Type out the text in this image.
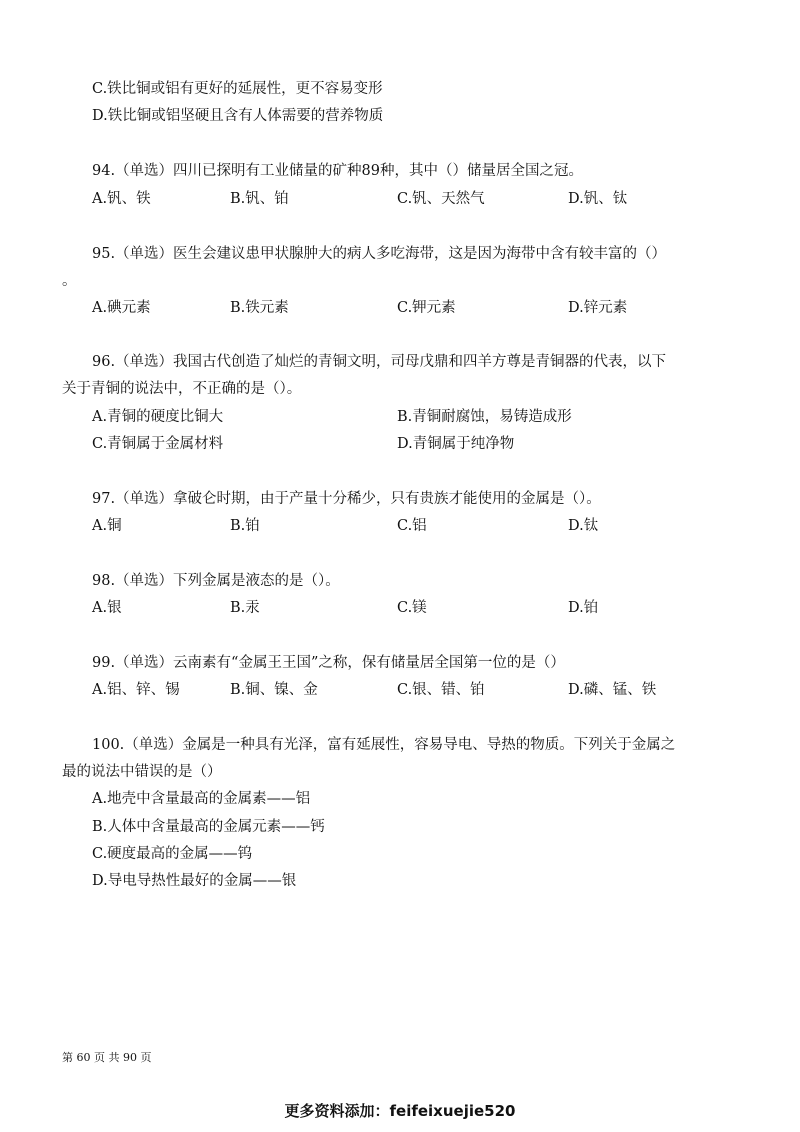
C.铁比铜或铝有更好的延展性，更不容易变形
D.铁比铜或铝坚硬且含有人体需要的营养物质
94.（单选）四川已探明有工业储量的矿种89种，其中（）储量居全国之冠。
A.钒、铁	B.钒、铂	C.钒、天然气	D.钒、钛
95.（单选）医生会建议患甲状腺肿大的病人多吃海带，这是因为海带中含有较丰富的（）
。
A.碘元素	B.铁元素	C.钾元素	D.锌元素
96.（单选）我国古代创造了灿烂的青铜文明，司母戊鼎和四羊方尊是青铜器的代表，以下
关于青铜的说法中，不正确的是（）。
A.青铜的硬度比铜大	B.青铜耐腐蚀，易铸造成形
C.青铜属于金属材料	D.青铜属于纯净物
97.（单选）拿破仑时期，由于产量十分稀少，只有贵族才能使用的金属是（）。
A.铜	B.铂	C.铝	D.钛
98.（单选）下列金属是液态的是（）。
A.银	B.汞	C.镁	D.铂
99.（单选）云南素有“金属王王国”之称，保有储量居全国第一位的是（）
A.铝、锌、锡	B.铜、镍、金	C.银、错、铂	D.磷、锰、铁
100.（单选）金属是一种具有光泽，富有延展性，容易导电、导热的物质。下列关于金属之
最的说法中错误的是（）
A.地壳中含量最高的金属素——铝
B.人体中含量最高的金属元素——钙
C.硬度最高的金属——钨
D.导电导热性最好的金属——银
第 60 页 共 90 页
更多资料添加：feifeixuejie520
